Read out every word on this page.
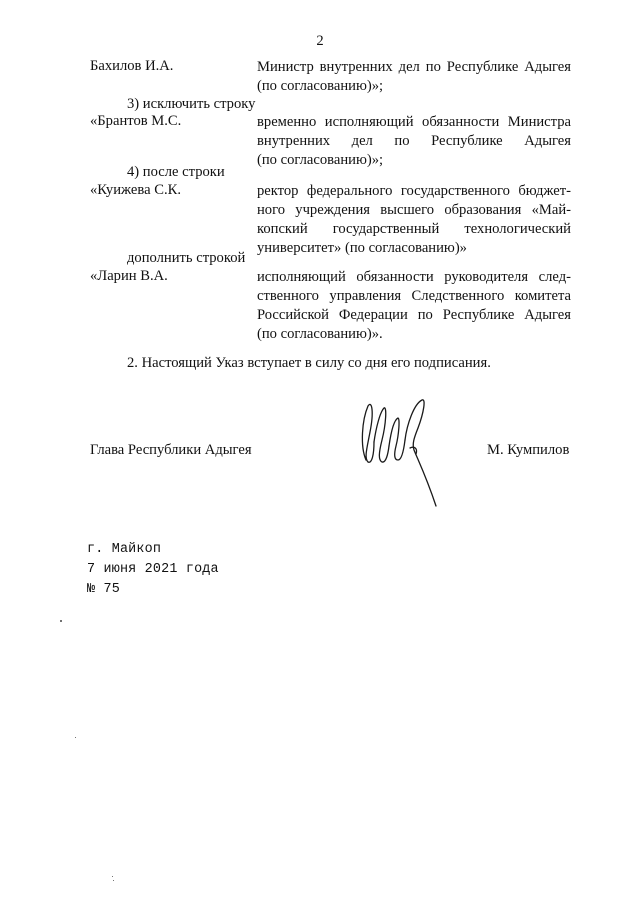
2
Бахилов И.А.	Министр внутренних дел по Республике Адыгея
(по согласованию)»;
3) исключить строку
«Брантов М.С.	временно исполняющий обязанности Министра
внутренних дел по Республике Адыгея
(по согласованию)»;
4) после строки
«Куижева С.К.	ректор федерального государственного бюджет-
ного учреждения высшего образования «Май-
копский государственный технологический
университет» (по согласованию)»
дополнить строкой
«Ларин В.А.	исполняющий обязанности руководителя след-
ственного управления Следственного комитета
Российской Федерации по Республике Адыгея
(по согласованию)».
2. Настоящий Указ вступает в силу со дня его подписания.
Глава Республики Адыгея	М. Кумпилов
г. Майкоп
7 июня 2021 года
№ 75
